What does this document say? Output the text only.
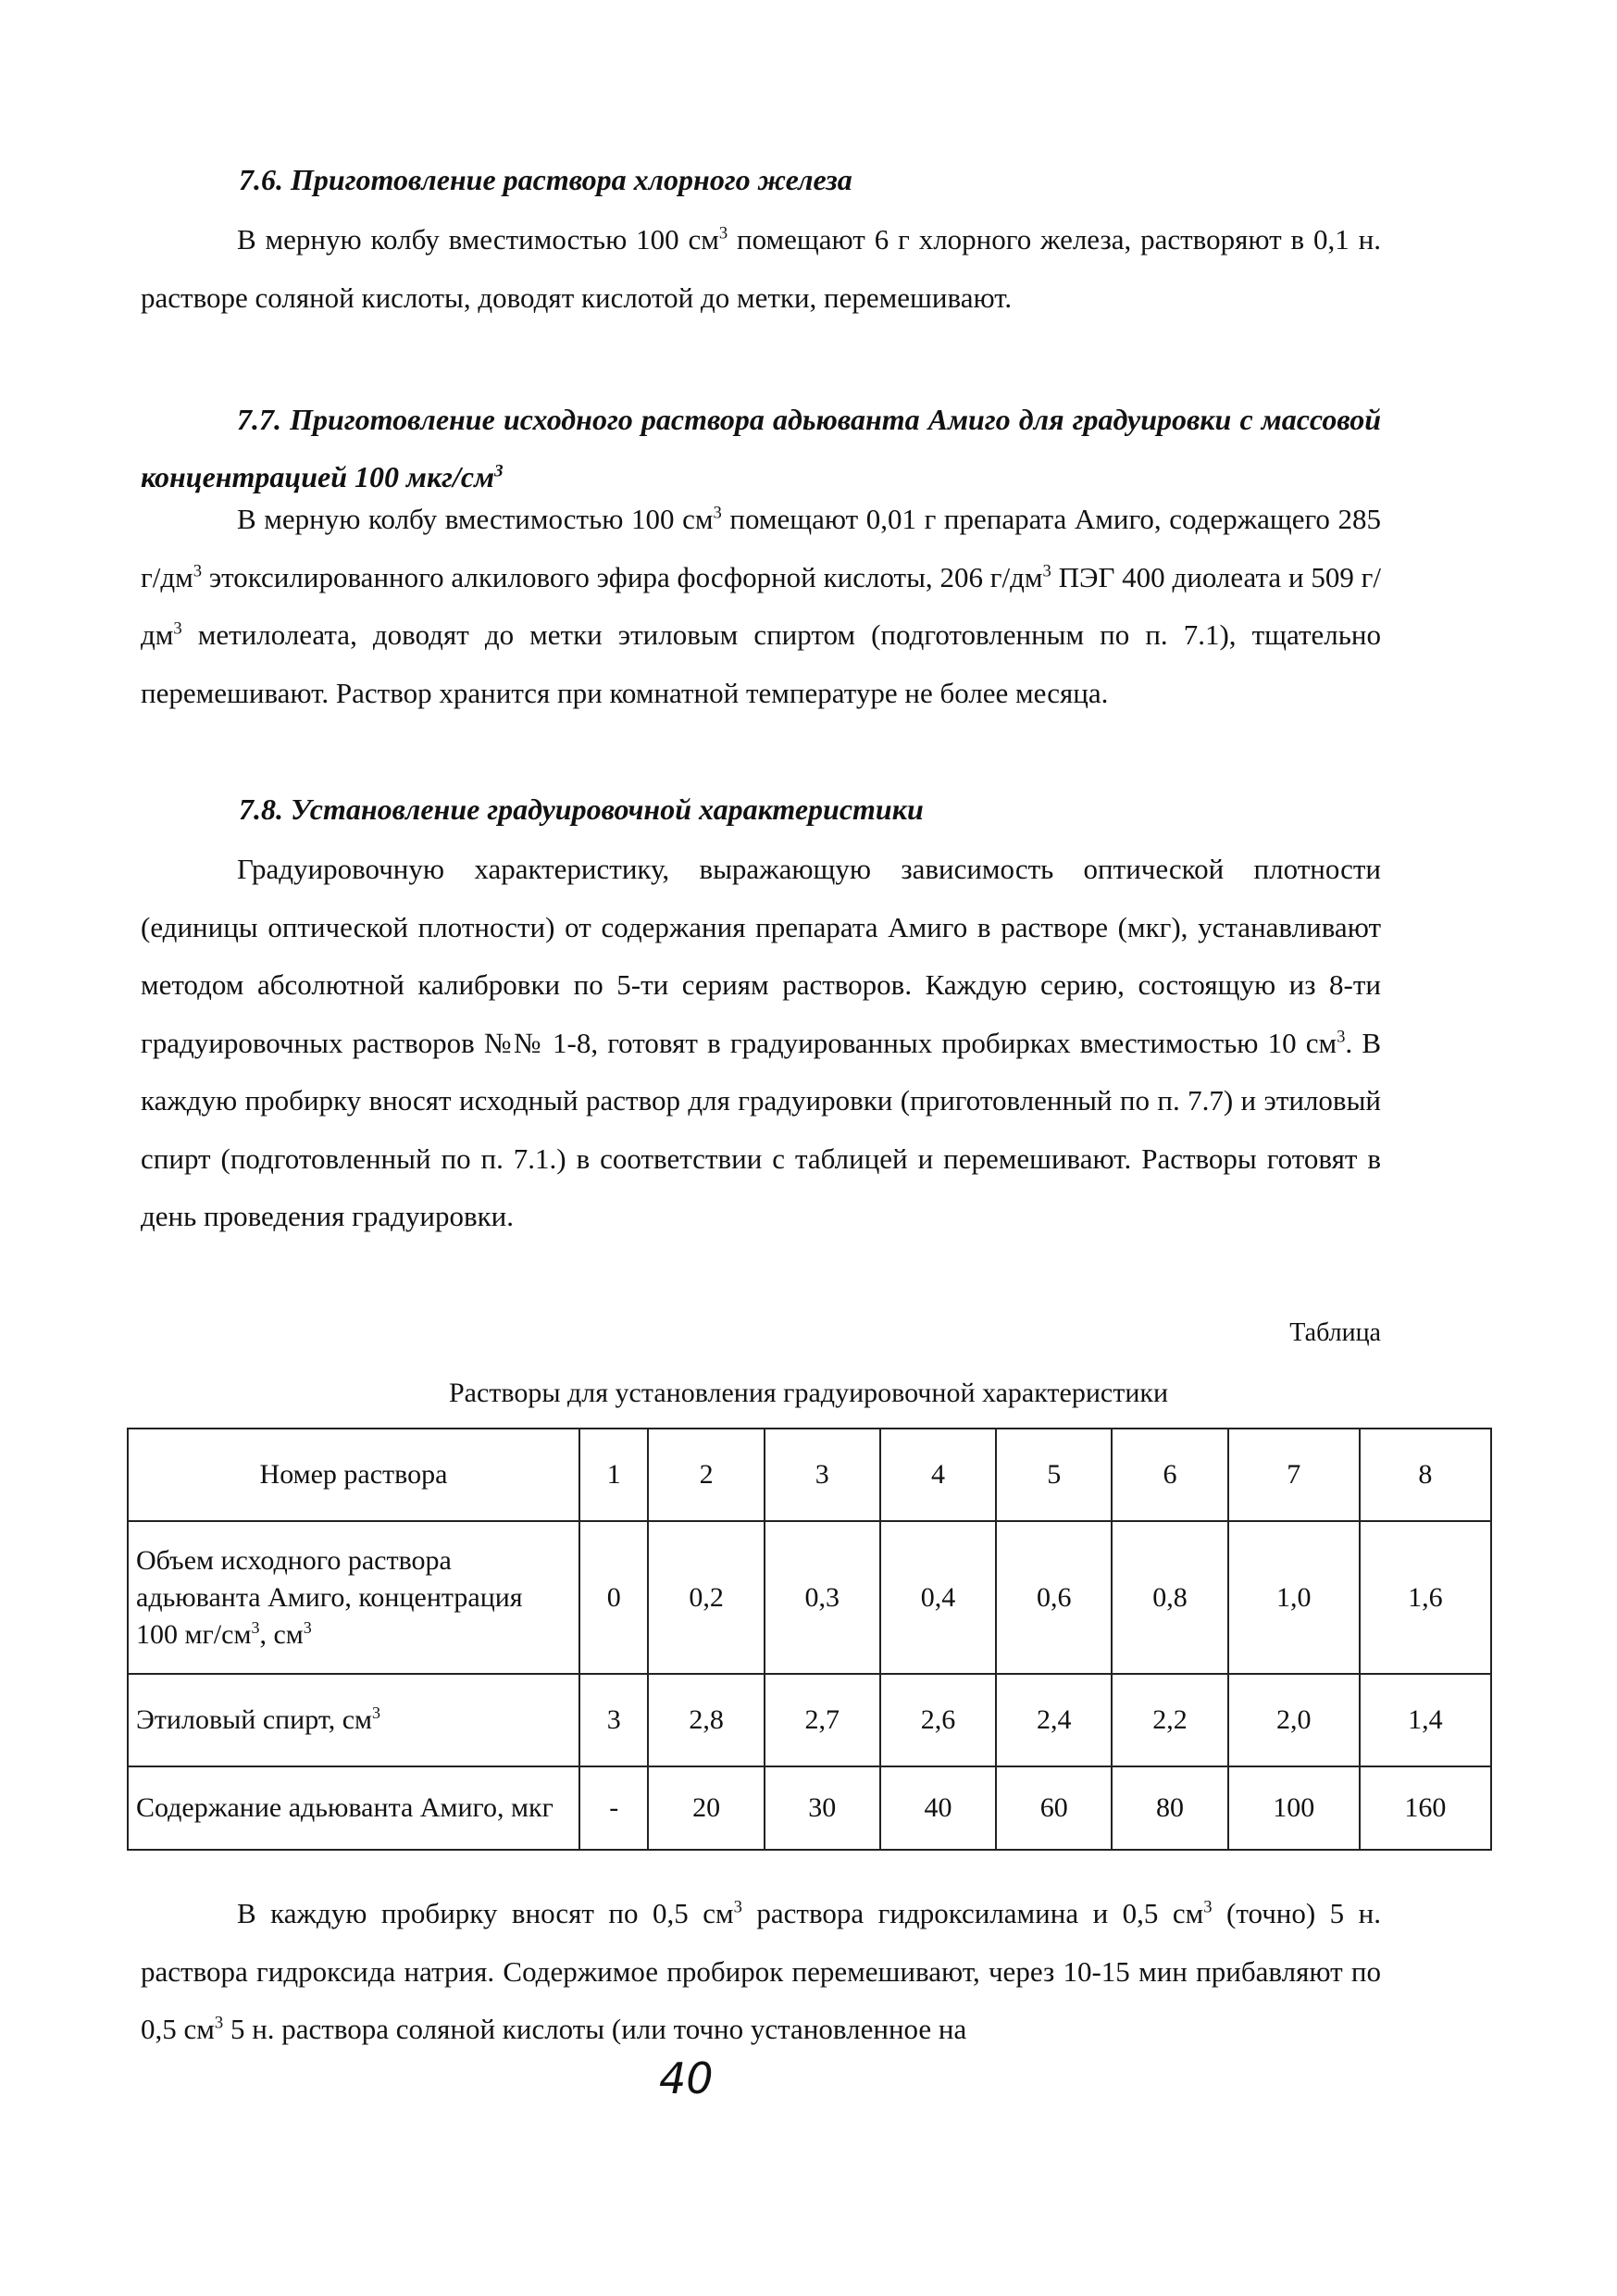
7.6. Приготовление раствора хлорного железа

В мерную колбу вместимостью 100 $см^3$ помещают 6 г хлорного железа, растворяют в 0,1 н. растворе соляной кислоты, доводят кислотой до метки, перемешивают.

7.7. Приготовление исходного раствора адьюванта Амиго для градуировки с массовой концентрацией 100 мкг/$см^3$

В мерную колбу вместимостью 100 $см^3$ помещают 0,01 г препарата Амиго, содержащего 285 $г/дм^3$ этоксилированного алкилового эфира фосфорной кислоты, 206 $г/дм^3$ ПЭГ 400 диолеата и 509 $г/дм^3$ метилолеата, доводят до метки этиловым спиртом (подготовленным по п. 7.1), тщательно перемешивают. Раствор хранится при комнатной температуре не более месяца.

7.8. Установление градуировочной характеристики

Градуировочную характеристику, выражающую зависимость оптической плотности (единицы оптической плотности) от содержания препарата Амиго в растворе (мкг), устанавливают методом абсолютной калибровки по 5-ти сериям растворов. Каждую серию, состоящую из 8-ти градуировочных растворов №№ 1-8, готовят в градуированных пробирках вместимостью 10 $см^3$. В каждую пробирку вносят исходный раствор для градуировки (приготовленный по п. 7.7) и этиловый спирт (подготовленный по п. 7.1.) в соответствии с таблицей и перемешивают. Растворы готовят в день проведения градуировки.

Таблица

Растворы для установления градуировочной характеристики

Номер раствора	1	2	3	4	5	6	7	8
Объем исходного раствора адьюванта Амиго, концентрация 100 $мг/см^3$, $см^3$	0	0,2	0,3	0,4	0,6	0,8	1,0	1,6
Этиловый спирт, $см^3$	3	2,8	2,7	2,6	2,4	2,2	2,0	1,4
Содержание адьюванта Амиго, мкг	-	20	30	40	60	80	100	160

В каждую пробирку вносят по 0,5 $см^3$ раствора гидроксиламина и 0,5 $см^3$ (точно) 5 н. раствора гидроксида натрия. Содержимое пробирок перемешивают, через 10-15 мин прибавляют по 0,5 $см^3$ 5 н. раствора соляной кислоты (или точно установленное на

40
